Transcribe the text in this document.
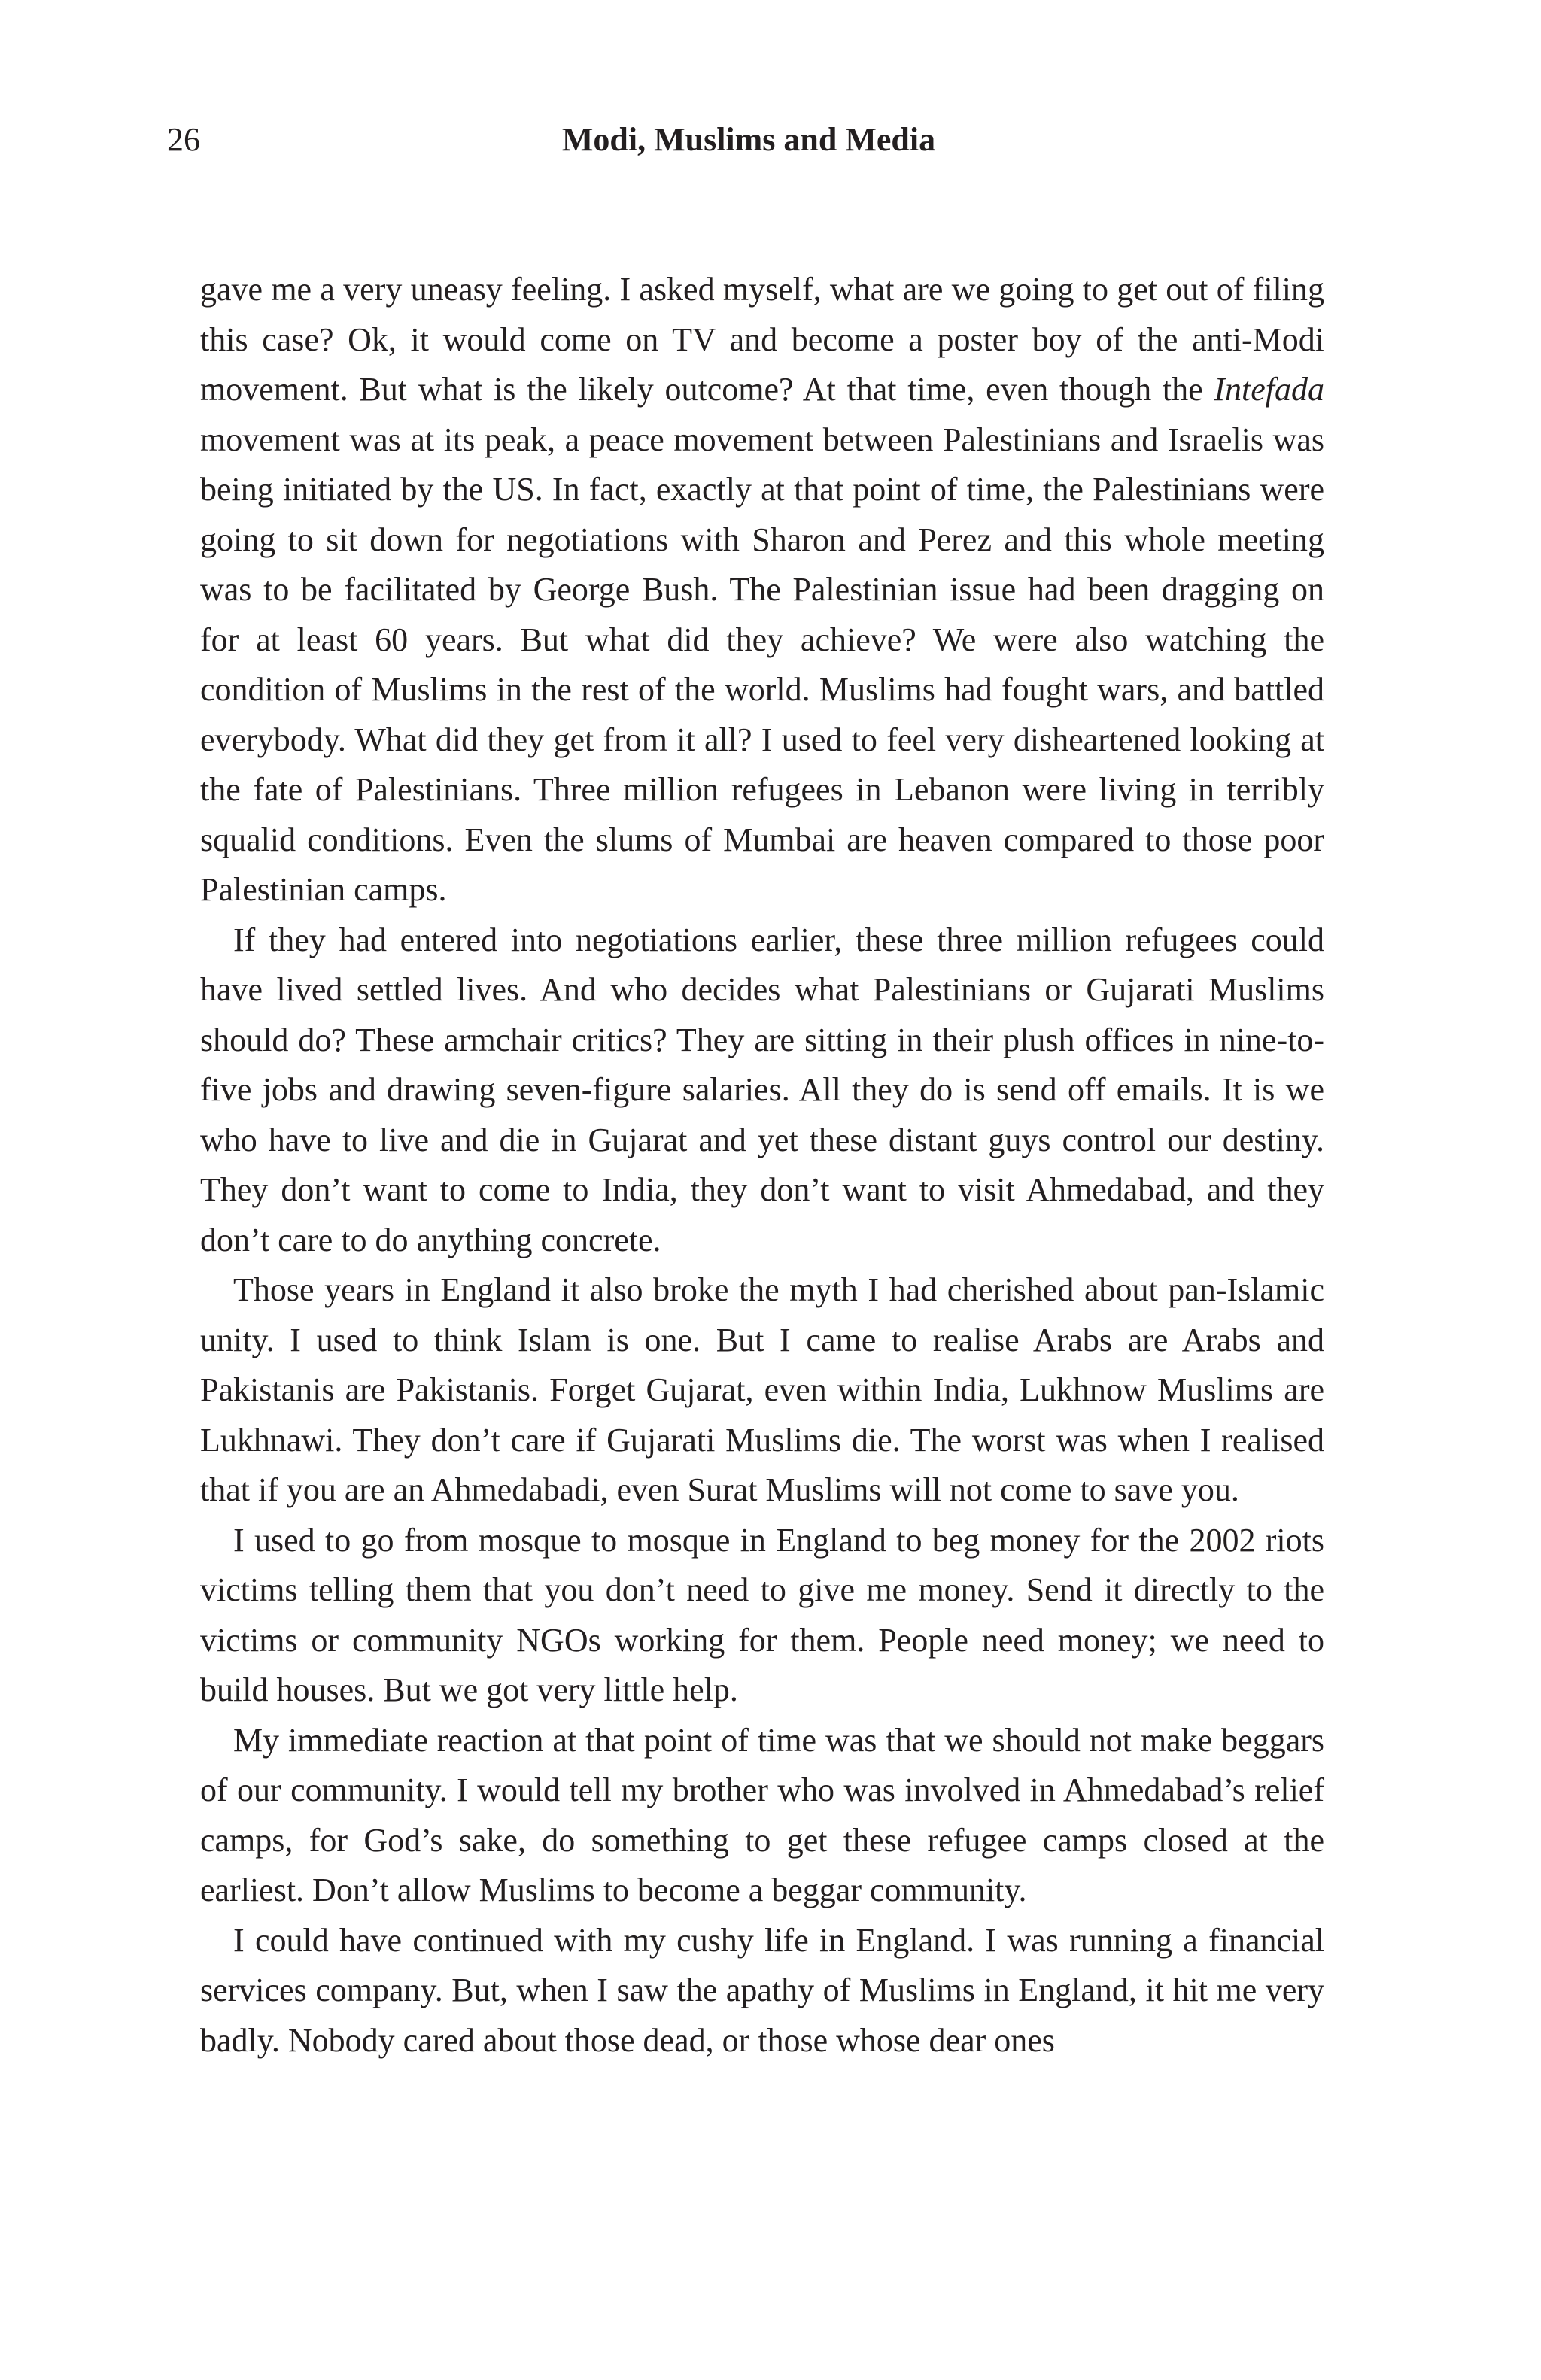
26	Modi, Muslims and Media

gave me a very uneasy feeling. I asked myself, what are we going to get out of filing this case? Ok, it would come on TV and become a poster boy of the anti-Modi movement. But what is the likely outcome? At that time, even though the Intefada movement was at its peak, a peace movement between Palestinians and Israelis was being initiated by the US. In fact, exactly at that point of time, the Palestinians were going to sit down for negotiations with Sharon and Perez and this whole meeting was to be facilitated by George Bush. The Palestinian issue had been dragging on for at least 60 years. But what did they achieve? We were also watching the condition of Muslims in the rest of the world. Muslims had fought wars, and battled everybody. What did they get from it all? I used to feel very disheartened looking at the fate of Palestinians. Three million refugees in Lebanon were living in terribly squalid conditions. Even the slums of Mumbai are heaven compared to those poor Palestinian camps.

If they had entered into negotiations earlier, these three million refugees could have lived settled lives. And who decides what Palestinians or Gujarati Muslims should do? These armchair critics? They are sitting in their plush offices in nine-to-five jobs and drawing seven-figure salaries. All they do is send off emails. It is we who have to live and die in Gujarat and yet these distant guys control our destiny. They don’t want to come to India, they don’t want to visit Ahmedabad, and they don’t care to do anything concrete.

Those years in England it also broke the myth I had cherished about pan-Islamic unity. I used to think Islam is one. But I came to realise Arabs are Arabs and Pakistanis are Pakistanis. Forget Gujarat, even within India, Lukhnow Muslims are Lukhnawi. They don’t care if Gujarati Muslims die. The worst was when I realised that if you are an Ahmedabadi, even Surat Muslims will not come to save you.

I used to go from mosque to mosque in England to beg money for the 2002 riots victims telling them that you don’t need to give me money. Send it directly to the victims or community NGOs working for them. People need money; we need to build houses. But we got very little help.

My immediate reaction at that point of time was that we should not make beggars of our community. I would tell my brother who was involved in Ahmedabad’s relief camps, for God’s sake, do something to get these refugee camps closed at the earliest. Don’t allow Muslims to become a beggar community.

I could have continued with my cushy life in England. I was running a financial services company. But, when I saw the apathy of Muslims in England, it hit me very badly. Nobody cared about those dead, or those whose dear ones
